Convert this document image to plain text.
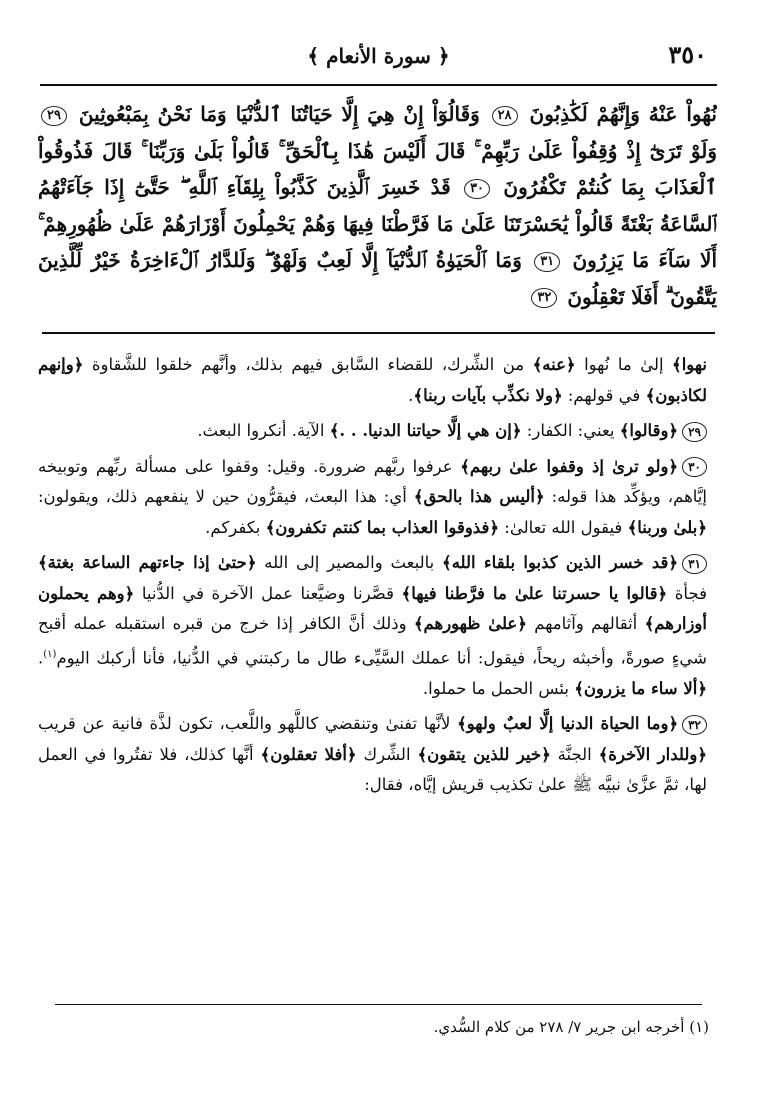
٣٥٠
﴿ سورة الأنعام ﴾
نُهُواْ عَنْهُ وَإِنَّهُمْ لَكَٰذِبُونَ ٢٨ وَقَالُوٓاْ إِنْ هِيَ إِلَّا حَيَاتُنَا ٱلدُّنْيَا وَمَا نَحْنُ بِمَبْعُوثِينَ ٢٩ وَلَوْ تَرَىٰٓ إِذْ وُقِفُواْ عَلَىٰ رَبِّهِمْ ۚ قَالَ أَلَيْسَ هَٰذَا بِٱلْحَقِّ ۚ قَالُواْ بَلَىٰ وَرَبِّنَا ۚ قَالَ فَذُوقُواْ ٱلْعَذَابَ بِمَا كُنتُمْ تَكْفُرُونَ ٣٠ قَدْ خَسِرَ ٱلَّذِينَ كَذَّبُواْ بِلِقَآءِ ٱللَّهِ ۖ حَتَّىٰٓ إِذَا جَآءَتْهُمُ ٱلسَّاعَةُ بَغْتَةً قَالُواْ يَٰحَسْرَتَنَا عَلَىٰ مَا فَرَّطْنَا فِيهَا وَهُمْ يَحْمِلُونَ أَوْزَارَهُمْ عَلَىٰ ظُهُورِهِمْ ۚ أَلَا سَآءَ مَا يَزِرُونَ ٣١ وَمَا ٱلْحَيَوٰةُ ٱلدُّنْيَآ إِلَّا لَعِبٌ وَلَهْوٌ ۖ وَلَلدَّارُ ٱلْءَاخِرَةُ خَيْرٌ لِّلَّذِينَ يَتَّقُونَ ۗ أَفَلَا تَعْقِلُونَ ٣٢

نهوا﴾ إلىٰ ما نُهوا ﴿عنه﴾ من الشِّرك، للقضاء السَّابق فيهم بذلك، وأنَّهم خلقوا للشَّقاوة ﴿وإنهم لكاذبون﴾ في قولهم: ﴿ولا نكذِّب بآيات ربنا﴾.

٢٩﴿وقالوا﴾ يعني: الكفار: ﴿إن هي إلَّا حياتنا الدنيا. . .﴾ الآية. أنكروا البعث.

٣٠﴿ولو ترىٰ إذ وقفوا علىٰ ربهم﴾ عرفوا ربَّهم ضرورة. وقيل: وقفوا على مسألة ربِّهم وتوبيخه إيَّاهم، ويؤكِّد هذا قوله: ﴿أليس هذا بالحق﴾ أي: هذا البعث، فيقرُّون حين لا ينفعهم ذلك، ويقولون: ﴿بلىٰ وربنا﴾ فيقول الله تعالىٰ: ﴿فذوقوا العذاب بما كنتم تكفرون﴾ بكفركم.

٣١﴿قد خسر الذين كذبوا بلقاء الله﴾ بالبعث والمصير إلى الله ﴿حتىٰ إذا جاءتهم الساعة بغتة﴾ فجأة ﴿قالوا يا حسرتنا علىٰ ما فرَّطنا فيها﴾ قصَّرنا وضيَّعنا عمل الآخرة في الدُّنيا ﴿وهم يحملون أوزارهم﴾ أثقالهم وآثامهم ﴿علىٰ ظهورهم﴾ وذلك أنَّ الكافر إذا خرج من قبره استقبله عمله أقبح شيءٍ صورةً، وأخبثه ريحاً، فيقول: أنا عملك السَّيِّىء طال ما ركبتني في الدُّنيا، فأنا أركبك اليوم$^{(١)}$. ﴿ألا ساء ما يزرون﴾ بئس الحمل ما حملوا.

٣٢﴿وما الحياة الدنيا إلَّا لعبٌ ولهو﴾ لأنَّها تفنىٰ وتنقضي كاللَّهو واللَّعب، تكون لذَّة فانية عن قريب ﴿وللدار الآخرة﴾ الجنَّة ﴿خير للذين يتقون﴾ الشِّرك ﴿أفلا تعقلون﴾ أنَّها كذلك، فلا تفتُروا في العمل لها، ثمَّ عزَّىٰ نبيَّه ﷺ علىٰ تكذيب قريش إيَّاه، فقال:

(١) أخرجه ابن جرير ٧/ ٢٧٨ من كلام السُّدي.
